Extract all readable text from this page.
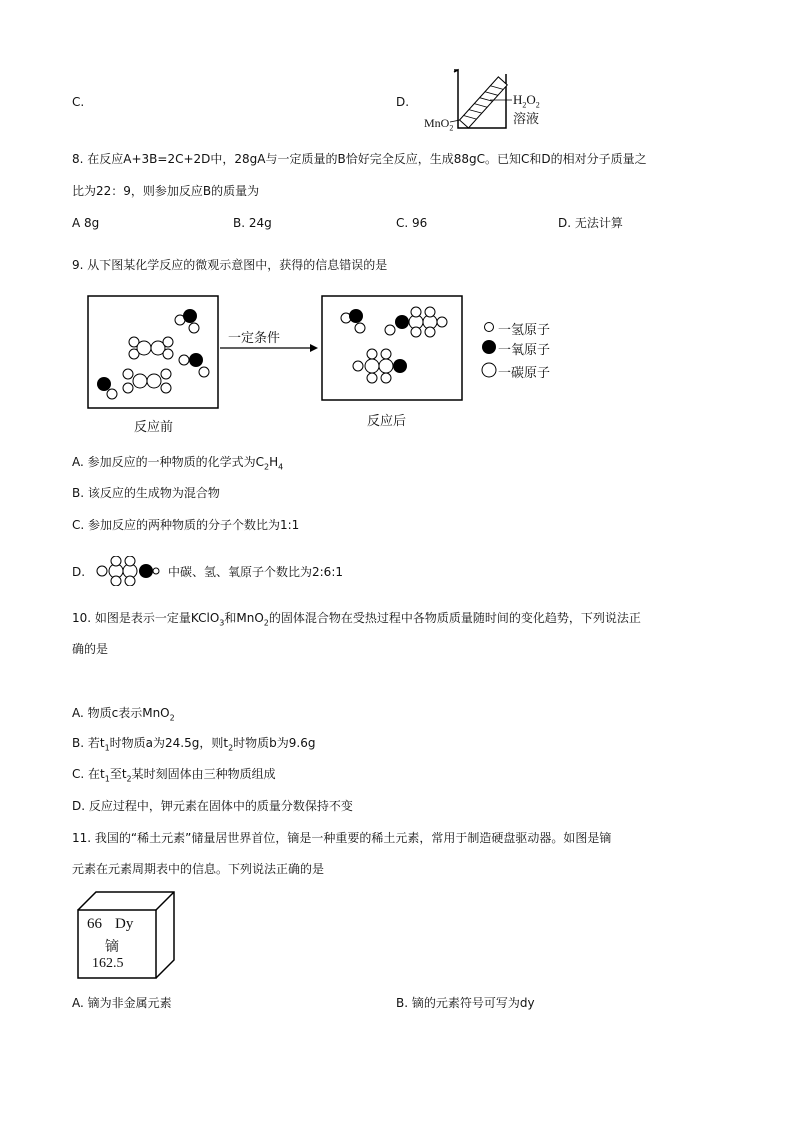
C.	D.	$H_2O_2$
溶液
MnO$_2$
8. 在反应A+3B=2C+2D中，28gA与一定质量的B恰好完全反应，生成88gC。已知C和D的相对分子质量之
比为22：9，则参加反应B的质量为
A 8g	B. 24g	C. 96	D. 无法计算
9. 从下图某化学反应的微观示意图中，获得的信息错误的是
一定条件
反应前	反应后
一氢原子
一氧原子
一碳原子
A. 参加反应的一种物质的化学式为$C_2H_4$
B. 该反应的生成物为混合物
C. 参加反应的两种物质的分子个数比为1:1
D.	中碳、氢、氧原子个数比为2:6:1
10. 如图是表示一定量KClO$_3$和MnO$_2$的固体混合物在受热过程中各物质质量随时间的变化趋势，下列说法正
确的是
A. 物质c表示MnO$_2$
B. 若$t_1$时物质a为24.5g，则$t_2$时物质b为9.6g
C. 在$t_1$至$t_2$某时刻固体由三种物质组成
D. 反应过程中，钾元素在固体中的质量分数保持不变
11. 我国的“稀土元素”储量居世界首位，镝是一种重要的稀土元素，常用于制造硬盘驱动器。如图是镝
元素在元素周期表中的信息。下列说法正确的是
66 Dy
镝
162.5
A. 镝为非金属元素	B. 镝的元素符号可写为dy
